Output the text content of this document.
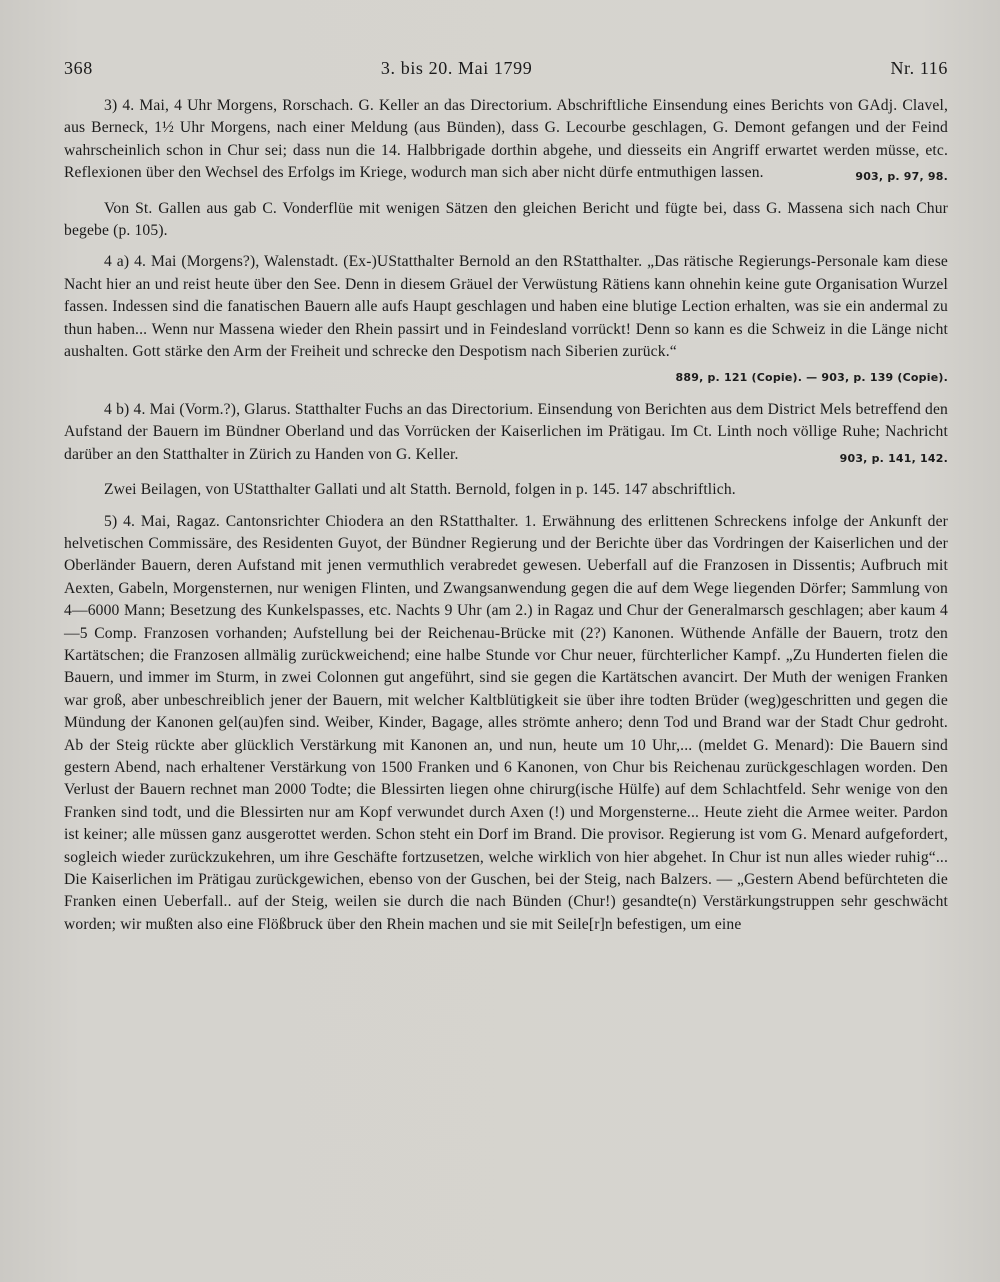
368	3. bis 20. Mai 1799	Nr. 116

3) 4. Mai, 4 Uhr Morgens, Rorschach. G. Keller an das Directorium. Abschriftliche Einsendung eines Berichts von GAdj. Clavel, aus Berneck, 1½ Uhr Morgens, nach einer Meldung (aus Bünden), dass G. Lecourbe geschlagen, G. Demont gefangen und der Feind wahrscheinlich schon in Chur sei; dass nun die 14. Halbbrigade dorthin abgehe, und diesseits ein Angriff erwartet werden müsse, etc. Reflexionen über den Wechsel des Erfolgs im Kriege, wodurch man sich aber nicht dürfe entmuthigen lassen.	903, p. 97, 98.

Von St. Gallen aus gab C. Vonderflüe mit wenigen Sätzen den gleichen Bericht und fügte bei, dass G. Massena sich nach Chur begebe (p. 105).

4 a) 4. Mai (Morgens?), Walenstadt. (Ex-)UStatthalter Bernold an den RStatthalter. „Das rätische Regierungs-Personale kam diese Nacht hier an und reist heute über den See. Denn in diesem Gräuel der Verwüstung Rätiens kann ohnehin keine gute Organisation Wurzel fassen. Indessen sind die fanatischen Bauern alle aufs Haupt geschlagen und haben eine blutige Lection erhalten, was sie ein andermal zu thun haben... Wenn nur Massena wieder den Rhein passirt und in Feindesland vorrückt! Denn so kann es die Schweiz in die Länge nicht aushalten. Gott stärke den Arm der Freiheit und schrecke den Despotism nach Siberien zurück.“
889, p. 121 (Copie). — 903, p. 139 (Copie).

4 b) 4. Mai (Vorm.?), Glarus. Statthalter Fuchs an das Directorium. Einsendung von Berichten aus dem District Mels betreffend den Aufstand der Bauern im Bündner Oberland und das Vorrücken der Kaiserlichen im Prätigau. Im Ct. Linth noch völlige Ruhe; Nachricht darüber an den Statthalter in Zürich zu Handen von G. Keller.	903, p. 141, 142.

Zwei Beilagen, von UStatthalter Gallati und alt Statth. Bernold, folgen in p. 145. 147 abschriftlich.

5) 4. Mai, Ragaz. Cantonsrichter Chiodera an den RStatthalter. 1. Erwähnung des erlittenen Schreckens infolge der Ankunft der helvetischen Commissäre, des Residenten Guyot, der Bündner Regierung und der Berichte über das Vordringen der Kaiserlichen und der Oberländer Bauern, deren Aufstand mit jenen vermuthlich verabredet gewesen. Ueberfall auf die Franzosen in Dissentis; Aufbruch mit Aexten, Gabeln, Morgensternen, nur wenigen Flinten, und Zwangsanwendung gegen die auf dem Wege liegenden Dörfer; Sammlung von 4—6000 Mann; Besetzung des Kunkelspasses, etc. Nachts 9 Uhr (am 2.) in Ragaz und Chur der Generalmarsch geschlagen; aber kaum 4—5 Comp. Franzosen vorhanden; Aufstellung bei der Reichenau-Brücke mit (2?) Kanonen. Wüthende Anfälle der Bauern, trotz den Kartätschen; die Franzosen allmälig zurückweichend; eine halbe Stunde vor Chur neuer, fürchterlicher Kampf. „Zu Hunderten fielen die Bauern, und immer im Sturm, in zwei Colonnen gut angeführt, sind sie gegen die Kartätschen avancirt. Der Muth der wenigen Franken war groß, aber unbeschreiblich jener der Bauern, mit welcher Kaltblütigkeit sie über ihre todten Brüder (weg)geschritten und gegen die Mündung der Kanonen gel(au)fen sind. Weiber, Kinder, Bagage, alles strömte anhero; denn Tod und Brand war der Stadt Chur gedroht. Ab der Steig rückte aber glücklich Verstärkung mit Kanonen an, und nun, heute um 10 Uhr,... (meldet G. Menard): Die Bauern sind gestern Abend, nach erhaltener Verstärkung von 1500 Franken und 6 Kanonen, von Chur bis Reichenau zurückgeschlagen worden. Den Verlust der Bauern rechnet man 2000 Todte; die Blessirten liegen ohne chirurg(ische Hülfe) auf dem Schlachtfeld. Sehr wenige von den Franken sind todt, und die Blessirten nur am Kopf verwundet durch Axen (!) und Morgensterne... Heute zieht die Armee weiter. Pardon ist keiner; alle müssen ganz ausgerottet werden. Schon steht ein Dorf im Brand. Die provisor. Regierung ist vom G. Menard aufgefordert, sogleich wieder zurückzukehren, um ihre Geschäfte fortzusetzen, welche wirklich von hier abgehet. In Chur ist nun alles wieder ruhig“... Die Kaiserlichen im Prätigau zurückgewichen, ebenso von der Guschen, bei der Steig, nach Balzers. — „Gestern Abend befürchteten die Franken einen Ueberfall.. auf der Steig, weilen sie durch die nach Bünden (Chur!) gesandte(n) Verstärkungstruppen sehr geschwächt worden; wir mußten also eine Flößbruck über den Rhein machen und sie mit Seile[r]n befestigen, um eine
